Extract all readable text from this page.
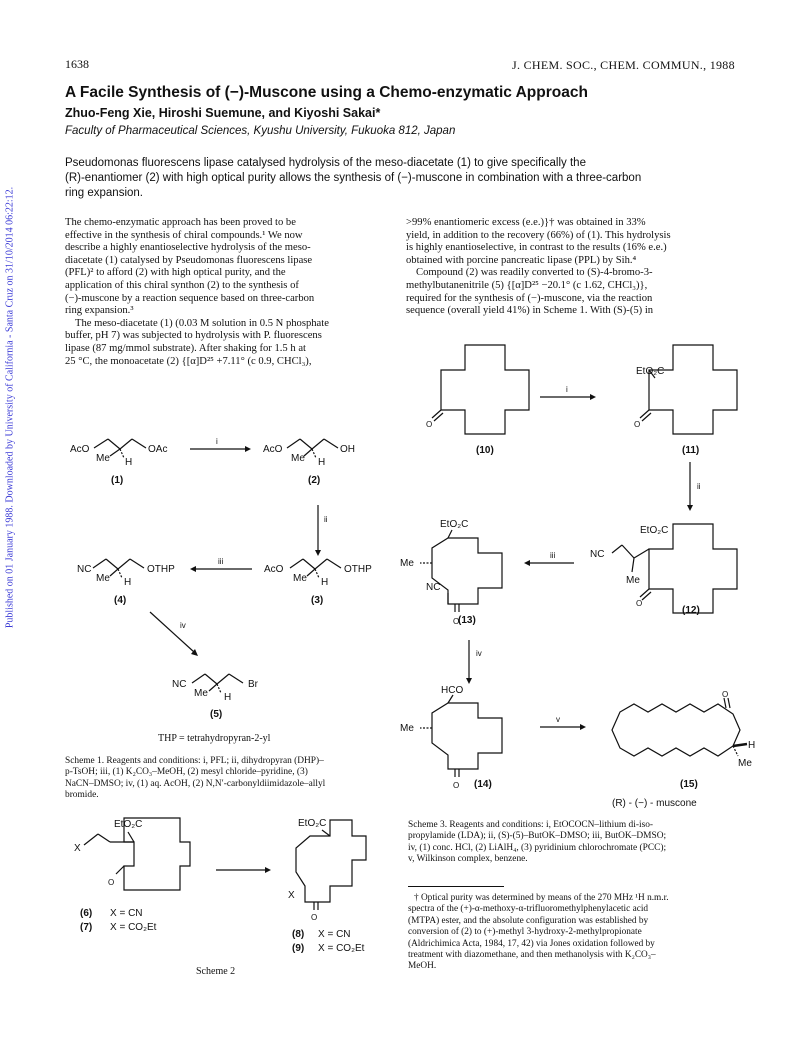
Published on 01 January 1988. Downloaded by University of California - Santa Cruz on 31/10/2014 06:22:12.
1638	J. CHEM. SOC., CHEM. COMMUN., 1988
A Facile Synthesis of (−)-Muscone using a Chemo-enzymatic Approach
Zhuo-Feng Xie, Hiroshi Suemune, and Kiyoshi Sakai*
Faculty of Pharmaceutical Sciences, Kyushu University, Fukuoka 812, Japan
Pseudomonas fluorescens lipase catalysed hydrolysis of the meso-diacetate (1) to give specifically the
(R)-enantiomer (2) with high optical purity allows the synthesis of (−)-muscone in combination with a three-carbon
ring expansion.
The chemo-enzymatic approach has been proved to be
effective in the synthesis of chiral compounds.¹ We now
describe a highly enantioselective hydrolysis of the meso-
diacetate (1) catalysed by Pseudomonas fluorescens lipase
(PFL)² to afford (2) with high optical purity, and the
application of this chiral synthon (2) to the synthesis of
(−)-muscone by a reaction sequence based on three-carbon
ring expansion.³
The meso-diacetate (1) (0.03 M solution in 0.5 N phosphate
buffer, pH 7) was subjected to hydrolysis with P. fluorescens
lipase (87 mg/mmol substrate). After shaking for 1.5 h at
25 °C, the monoacetate (2) {[α]D²⁵ +7.11° (c 0.9, CHCl₃),
>99% enantiomeric excess (e.e.)}† was obtained in 33%
yield, in addition to the recovery (66%) of (1). This hydrolysis
is highly enantioselective, in contrast to the results (16% e.e.)
obtained with porcine pancreatic lipase (PPL) by Sih.⁴
Compound (2) was readily converted to (S)-4-bromo-3-
methylbutanenitrile (5) {[α]D²⁵ −20.1° (c 1.62, CHCl₃)},
required for the synthesis of (−)-muscone, via the reaction
sequence (overall yield 41%) in Scheme 1. With (S)-(5) in
AcO	OAc
Me H
(1)
i
AcO	OH
Me H
(2)
ii
AcO	OTHP
Me H
(3)
iii
NC	OTHP
Me H
(4)
iv
NC	Br
Me H
(5)
THP = tetrahydropyran-2-yl
EtO₂C
X
O
(6) X = CN
(7) X = CO₂Et
EtO₂C
X
O
(8) X = CN
(9) X = CO₂Et
Scheme 2
O
(10)
i
EtO₂C
O
(11)
ii
EtO₂C
NC
Me
O
(12)
iii
EtO₂C
Me
NC
O
(13)
iv
HCO
Me
O (14)
v
O
H
Me
(15)
(R) - (−) - muscone
Scheme 1. Reagents and conditions: i, PFL; ii, dihydropyran (DHP)–
p-TsOH; iii, (1) K₂CO₃–MeOH, (2) mesyl chloride–pyridine, (3)
NaCN–DMSO; iv, (1) aq. AcOH, (2) N,N′-carbonyldiimidazole–allyl
bromide.
Scheme 3. Reagents and conditions: i, EtOCOCN–lithium di-iso-
propylamide (LDA); ii, (S)-(5)–ButOK–DMSO; iii, ButOK–DMSO;
iv, (1) conc. HCl, (2) LiAlH₄, (3) pyridinium chlorochromate (PCC);
v, Wilkinson complex, benzene.
† Optical purity was determined by means of the 270 MHz ¹H n.m.r.
spectra of the (+)-α-methoxy-α-trifluoromethylphenylacetic acid
(MTPA) ester, and the absolute configuration was established by
conversion of (2) to (+)-methyl 3-hydroxy-2-methylpropionate
(Aldrichimica Acta, 1984, 17, 42) via Jones oxidation followed by
treatment with diazomethane, and then methanolysis with K₂CO₃–
MeOH.
